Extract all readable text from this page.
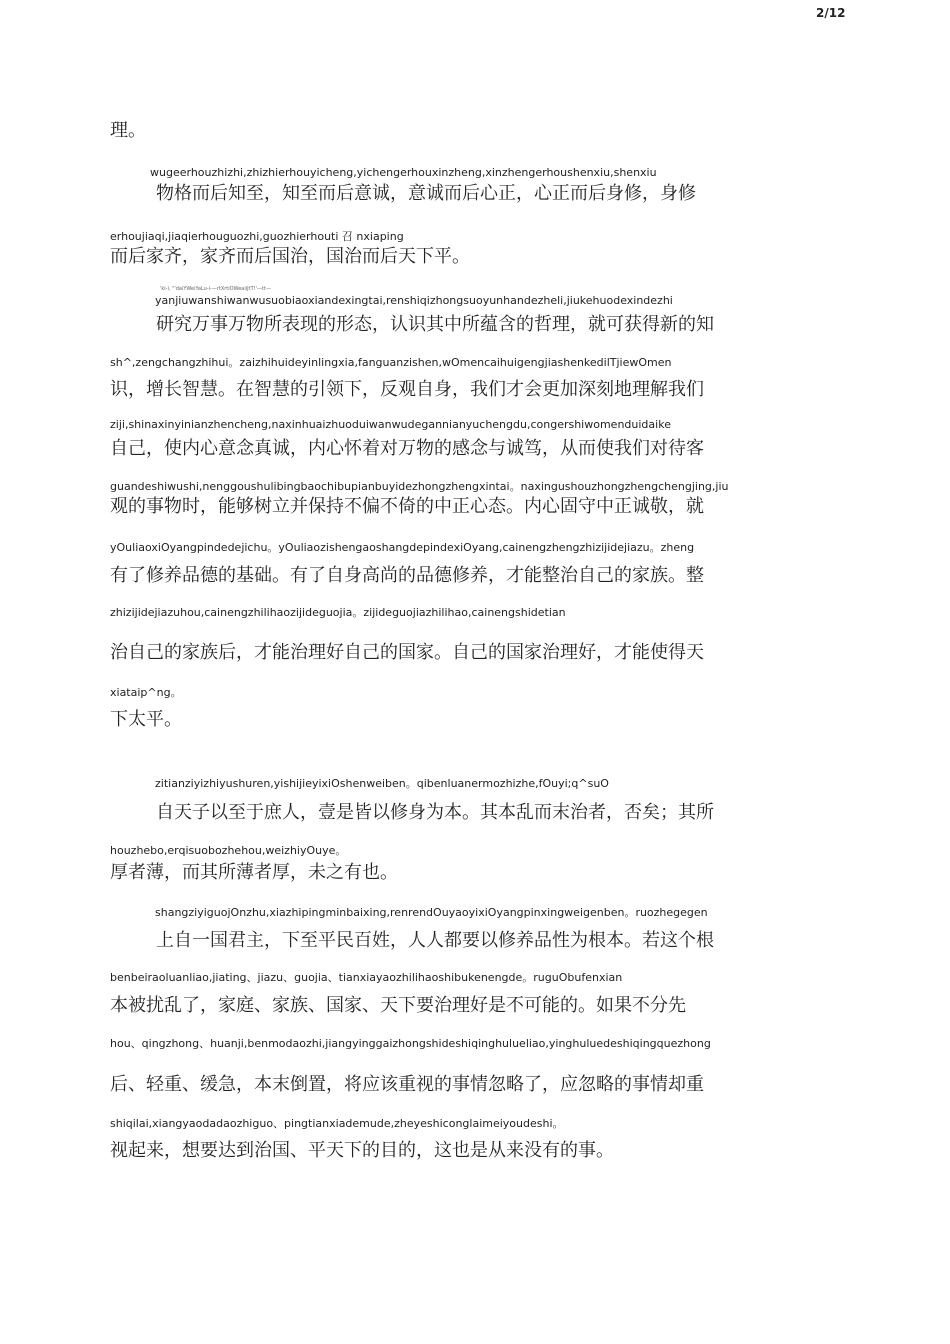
2/12
理。
wugeerhouzhizhi,zhizhierhouyicheng,yichengerhouxinzheng,xinzhengerhoushenxiu,shenxiu
物格而后知至，知至而后意诚，意诚而后心正，心正而后身修，身修
erhoujiaqi,jiaqierhouguozhi,guozhierhouti 召 nxiaping
而后家齐，家齐而后国治，国治而后天下平。
'ki-i, "'daiYWeiYaLu-i-—rtXrtiOWeaiiJtT!'—tt—
yanjiuwanshiwanwusuobiaoxiandexingtai,renshiqizhongsuoyunhandezheli,jiukehuodexindezhi
研究万事万物所表现的形态，认识其中所蕴含的哲理，就可获得新的知
sh^,zengchangzhihui。zaizhihuideyinlingxia,fanguanzishen,wOmencaihuigengjiashenkedilTjiewOmen
识，增长智慧。在智慧的引领下，反观自身，我们才会更加深刻地理解我们
ziji,shinaxinyinianzhencheng,naxinhuaizhuoduiwanwudegannianyuchengdu,congershiwomenduidaike
自己，使内心意念真诚，内心怀着对万物的感念与诚笃，从而使我们对待客
guandeshiwushi,nenggoushulibingbaochibupianbuyidezhongzhengxintai。naxingushouzhongzhengchengjing,jiu
观的事物时，能够树立并保持不偏不倚的中正心态。内心固守中正诚敬，就
yOuliaoxiOyangpindedejichu。yOuliaozishengaoshangdepindexiOyang,cainengzhengzhizijidejiazu。zheng
有了修养品德的基础。有了自身高尚的品德修养，才能整治自己的家族。整
zhizijidejiazuhou,cainengzhilihaozijideguojia。zijideguojiazhilihao,cainengshidetian
治自己的家族后，才能治理好自己的国家。自己的国家治理好，才能使得天
xiataip^ng。
下太平。
zitianziyizhiyushuren,yishijieyixiOshenweiben。qibenluanermozhizhe,fOuyi;q^suO
自天子以至于庶人，壹是皆以修身为本。其本乱而末治者，否矣；其所
houzhebo,erqisuobozhehou,weizhiyOuye。
厚者薄，而其所薄者厚，未之有也。
shangziyiguojOnzhu,xiazhipingminbaixing,renrendOuyaoyixiOyangpinxingweigenben。ruozhegegen
上自一国君主，下至平民百姓，人人都要以修养品性为根本。若这个根
benbeiraoluanliao,jiating、jiazu、guojia、tianxiayaozhilihaoshibukenengde。ruguObufenxian
本被扰乱了，家庭、家族、国家、天下要治理好是不可能的。如果不分先
hou、qingzhong、huanji,benmodaozhi,jiangyinggaizhongshideshiqinghulueliao,yinghuluedeshiqingquezhong
后、轻重、缓急，本末倒置，将应该重视的事情忽略了，应忽略的事情却重
shiqilai,xiangyaodadaozhiguo、pingtianxiademude,zheyeshiconglaimeiyoudeshi。
视起来，想要达到治国、平天下的目的，这也是从来没有的事。
